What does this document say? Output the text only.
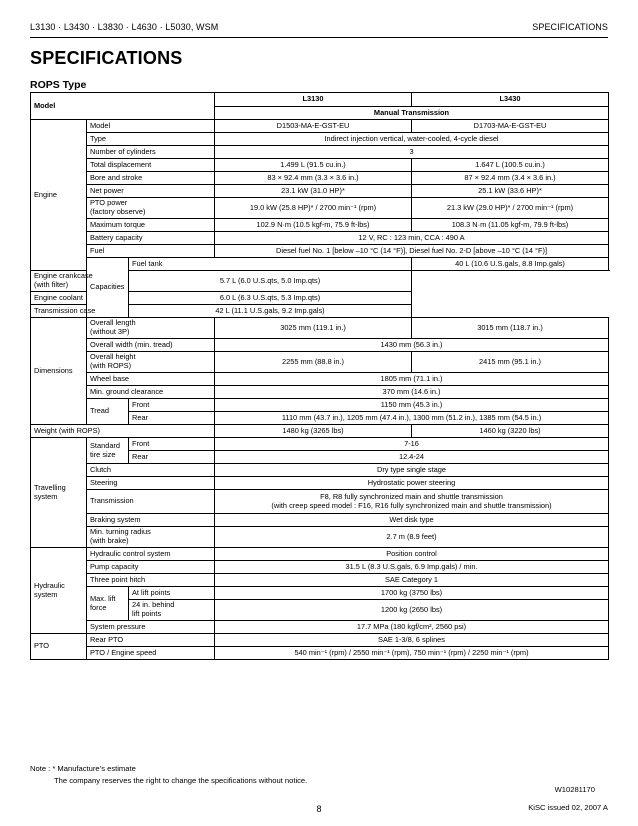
L3130 · L3430 · L3830 · L4630 · L5030, WSM	SPECIFICATIONS
SPECIFICATIONS
ROPS Type
Model			L3130	L3430
			Manual Transmission	
Engine	Model		D1503-MA-E-GST-EU	D1703-MA-E-GST-EU
	Type		Indirect injection vertical, water-cooled, 4-cycle diesel	
	Number of cylinders		3	
	Total displacement		1.499 L (91.5 cu.in.)	1.647 L (100.5 cu.in.)
	Bore and stroke		83 × 92.4 mm (3.3 × 3.6 in.)	87 × 92.4 mm (3.4 × 3.6 in.)
	Net power		23.1 kW (31.0 HP)*	25.1 kW (33.6 HP)*
	PTO power
(factory observe)		19.0 kW (25.8 HP)* / 2700 min⁻¹ (rpm)	21.3 kW (29.0 HP)* / 2700 min⁻¹ (rpm)
	Maximum torque		102.9 N·m (10.5 kgf-m, 75.9 ft-lbs)	108.3 N·m (11.05 kgf-m, 79.9 ft-lbs)
	Battery capacity		12 V, RC : 123 min, CCA : 490 A	
	Fuel		Diesel fuel No. 1 [below –10 °C (14 °F)], Diesel fuel No. 2-D [above –10 °C (14 °F)]	
	Capacities	Fuel tank		40 L (10.6 U.S.gals, 8.8 Imp.gals)
Engine crankcase
(with filter)		5.7 L (6.0 U.S.qts, 5.0 Imp.qts)		
Engine coolant		6.0 L (6.3 U.S.qts, 5.3 Imp.qts)		
Transmission case		42 L (11.1 U.S.gals, 9.2 Imp.gals)		
Dimensions	Overall length
(without 3P)		3025 mm (119.1 in.)	3015 mm (118.7 in.)
	Overall width (min. tread)		1430 mm (56.3 in.)	
	Overall height
(with ROPS)		2255 mm (88.8 in.)	2415 mm (95.1 in.)
	Wheel base		1805 mm (71.1 in.)	
	Min. ground clearance		370 mm (14.6 in.)	
	Tread	Front	1150 mm (45.3 in.)	
		Rear	1110 mm (43.7 in.), 1205 mm (47.4 in.), 1300 mm (51.2 in.), 1385 mm (54.5 in.)	
Weight (with ROPS)			1480 kg (3265 lbs)	1460 kg (3220 lbs)
Travelling system	Standard
tire size	Front	7-16	
		Rear	12.4-24	
	Clutch		Dry type single stage	
	Steering		Hydrostatic power steering	
	Transmission		F8, R8 fully synchronized main and shuttle transmission
(with creep speed model : F16, R16 fully synchronized main and shuttle transmission)	
	Braking system		Wet disk type	
	Min. turning radius
(with brake)		2.7 m (8.9 feet)	
Hydraulic system	Hydraulic control system		Position control	
	Pump capacity		31.5 L (8.3 U.S.gals, 6.9 Imp.gals) / min.	
	Three point hitch		SAE Category 1	
	Max. lift
force	At lift points	1700 kg (3750 lbs)	
		24 in. behind
lift points	1200 kg (2650 lbs)	
	System pressure		17.7 MPa (180 kgf/cm², 2560 psi)	
PTO	Rear PTO		SAE 1-3/8, 6 splines	
	PTO / Engine speed		540 min⁻¹ (rpm) / 2550 min⁻¹ (rpm), 750 min⁻¹ (rpm) / 2250 min⁻¹ (rpm)	
Note : * Manufacture’s estimate
The company reserves the right to change the specifications without notice.
W10281170
8	KiSC issued 02, 2007 A
